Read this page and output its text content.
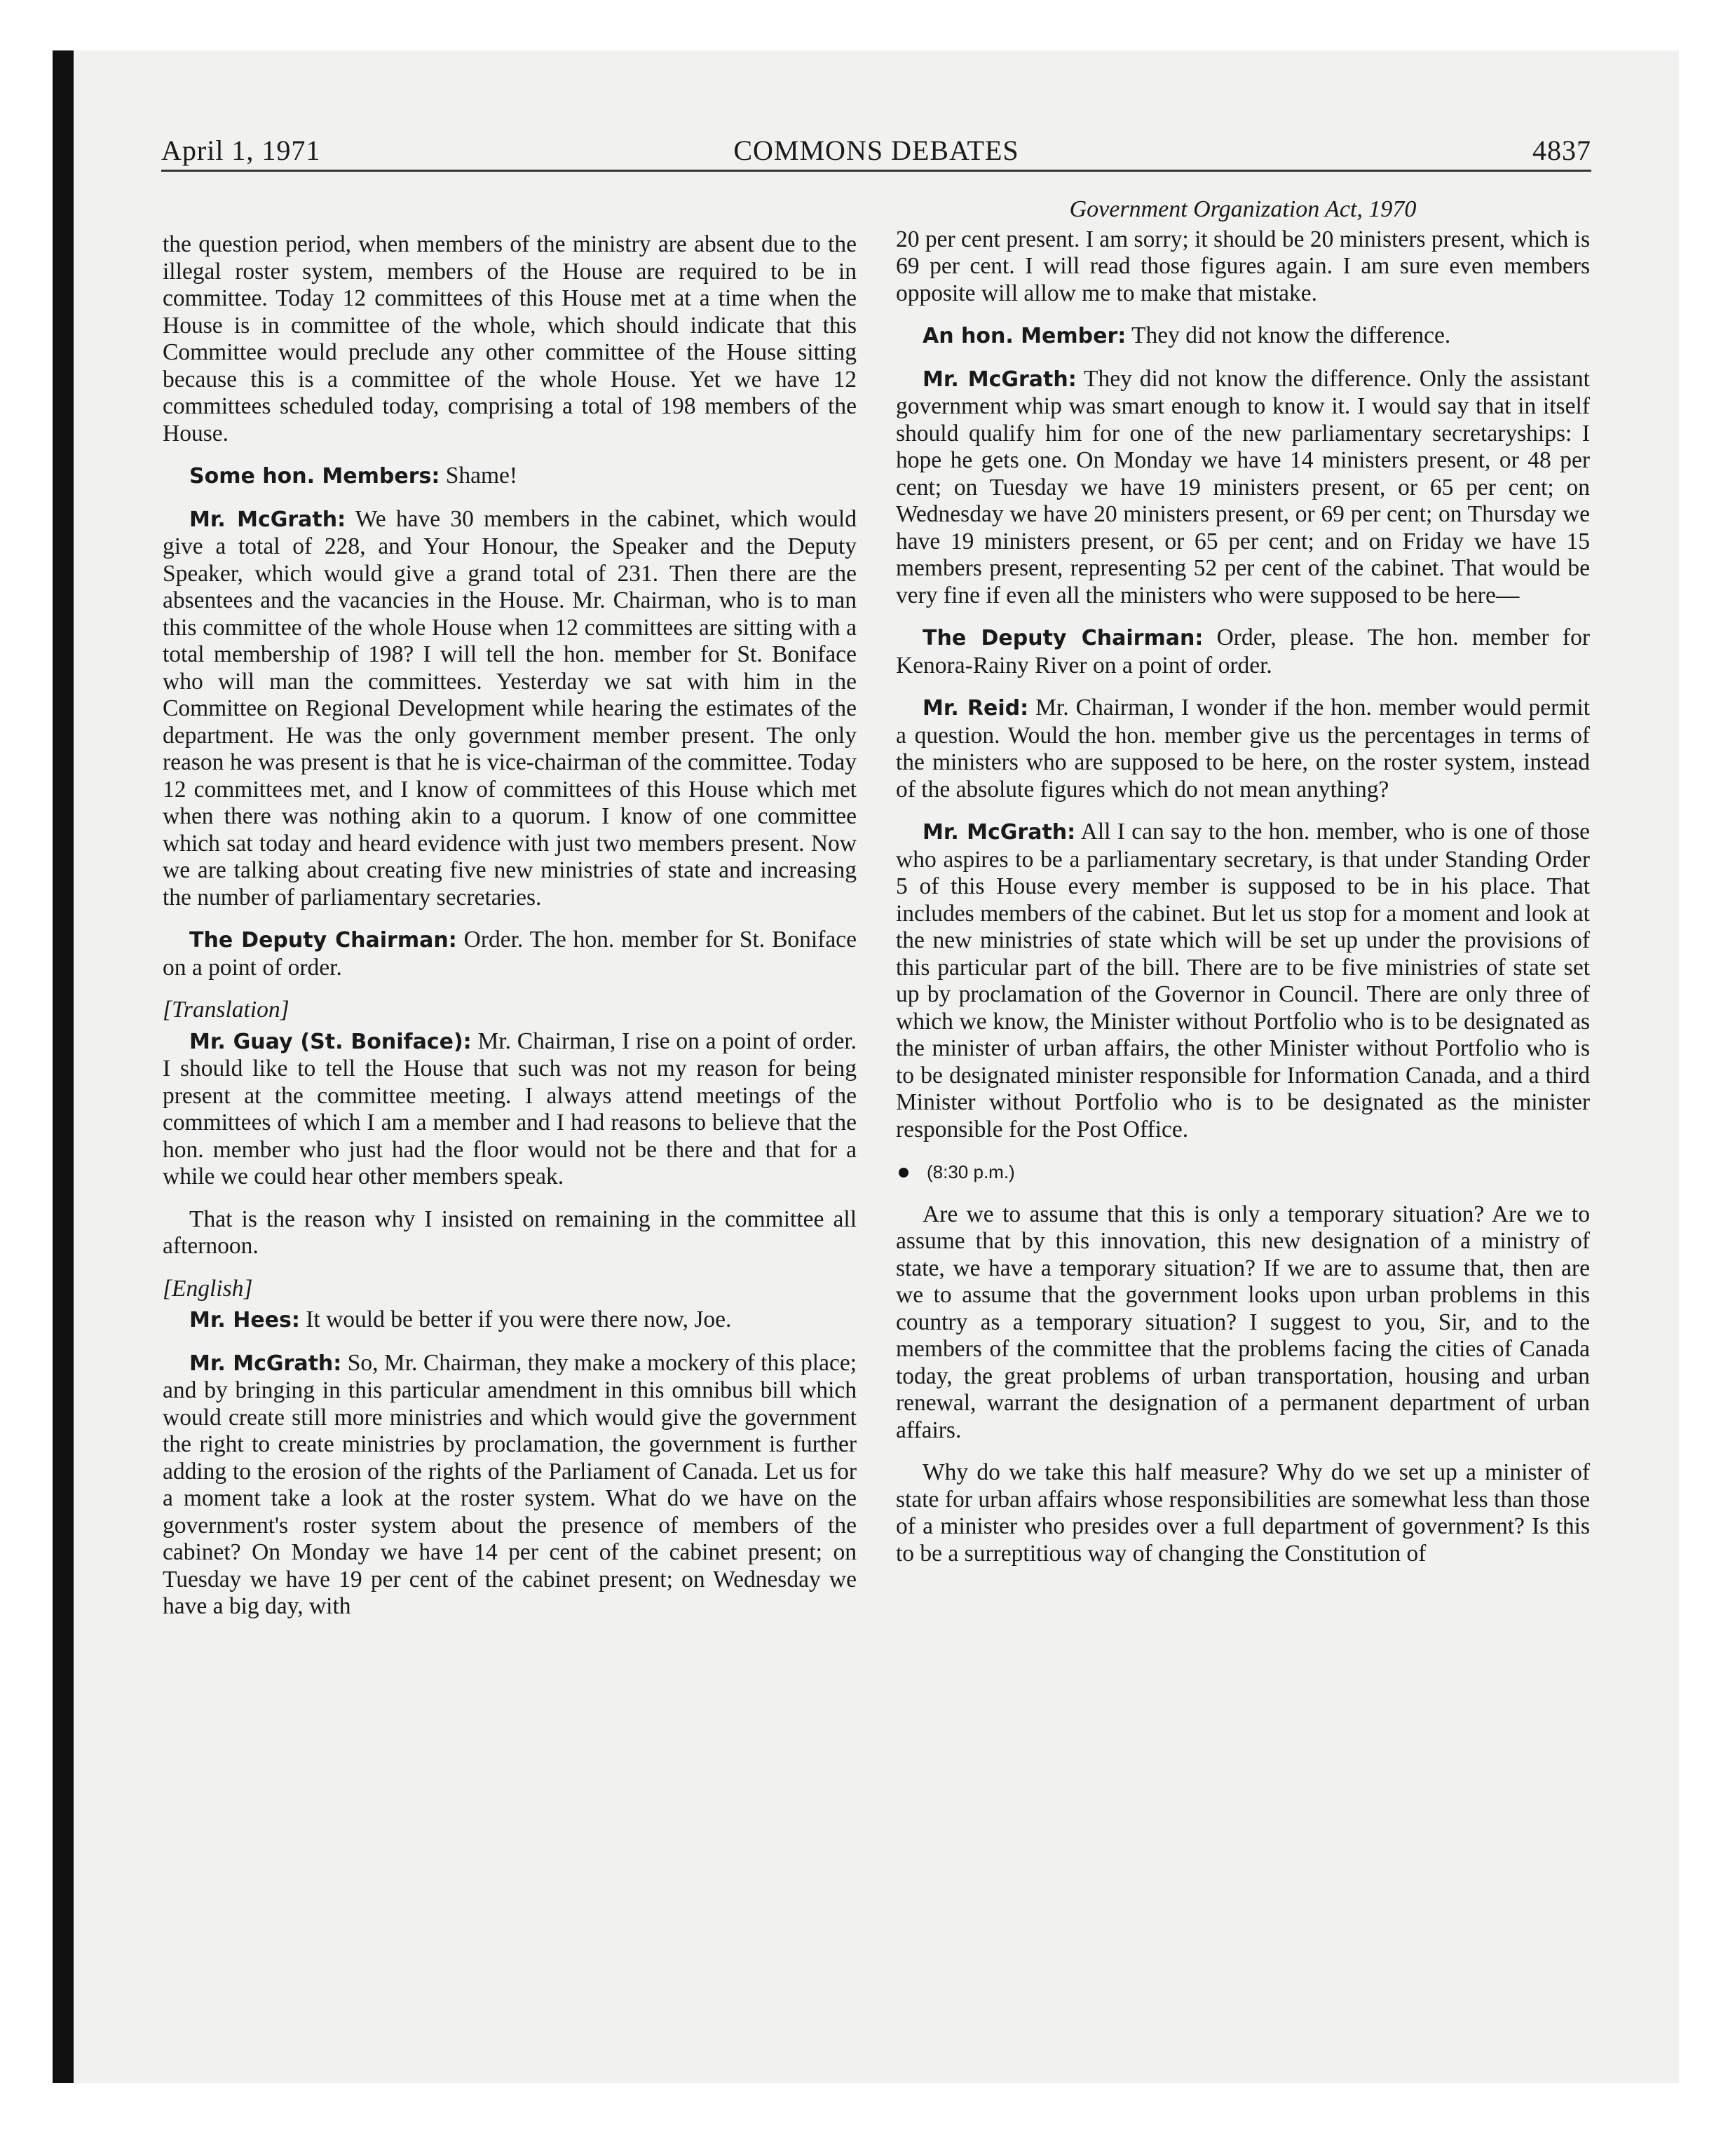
April 1, 1971	COMMONS DEBATES	4837

the question period, when members of the ministry are absent due to the illegal roster system, members of the House are required to be in committee. Today 12 committees of this House met at a time when the House is in committee of the whole, which should indicate that this Committee would preclude any other committee of the House sitting because this is a committee of the whole House. Yet we have 12 committees scheduled today, comprising a total of 198 members of the House.

Some hon. Members: Shame!

Mr. McGrath: We have 30 members in the cabinet, which would give a total of 228, and Your Honour, the Speaker and the Deputy Speaker, which would give a grand total of 231. Then there are the absentees and the vacancies in the House. Mr. Chairman, who is to man this committee of the whole House when 12 committees are sitting with a total membership of 198? I will tell the hon. member for St. Boniface who will man the committees. Yesterday we sat with him in the Committee on Regional Development while hearing the estimates of the department. He was the only government member present. The only reason he was present is that he is vice-chairman of the committee. Today 12 committees met, and I know of committees of this House which met when there was nothing akin to a quorum. I know of one committee which sat today and heard evidence with just two members present. Now we are talking about creating five new ministries of state and increasing the number of parliamentary secretaries.

The Deputy Chairman: Order. The hon. member for St. Boniface on a point of order.

[Translation]

Mr. Guay (St. Boniface): Mr. Chairman, I rise on a point of order. I should like to tell the House that such was not my reason for being present at the committee meeting. I always attend meetings of the committees of which I am a member and I had reasons to believe that the hon. member who just had the floor would not be there and that for a while we could hear other members speak.

That is the reason why I insisted on remaining in the committee all afternoon.

[English]

Mr. Hees: It would be better if you were there now, Joe.

Mr. McGrath: So, Mr. Chairman, they make a mockery of this place; and by bringing in this particular amendment in this omnibus bill which would create still more ministries and which would give the government the right to create ministries by proclamation, the government is further adding to the erosion of the rights of the Parliament of Canada. Let us for a moment take a look at the roster system. What do we have on the government's roster system about the presence of members of the cabinet? On Monday we have 14 per cent of the cabinet present; on Tuesday we have 19 per cent of the cabinet present; on Wednesday we have a big day, with

Government Organization Act, 1970

20 per cent present. I am sorry; it should be 20 ministers present, which is 69 per cent. I will read those figures again. I am sure even members opposite will allow me to make that mistake.

An hon. Member: They did not know the difference.

Mr. McGrath: They did not know the difference. Only the assistant government whip was smart enough to know it. I would say that in itself should qualify him for one of the new parliamentary secretaryships: I hope he gets one. On Monday we have 14 ministers present, or 48 per cent; on Tuesday we have 19 ministers present, or 65 per cent; on Wednesday we have 20 ministers present, or 69 per cent; on Thursday we have 19 ministers present, or 65 per cent; and on Friday we have 15 members present, representing 52 per cent of the cabinet. That would be very fine if even all the ministers who were supposed to be here—

The Deputy Chairman: Order, please. The hon. member for Kenora-Rainy River on a point of order.

Mr. Reid: Mr. Chairman, I wonder if the hon. member would permit a question. Would the hon. member give us the percentages in terms of the ministers who are supposed to be here, on the roster system, instead of the absolute figures which do not mean anything?

Mr. McGrath: All I can say to the hon. member, who is one of those who aspires to be a parliamentary secretary, is that under Standing Order 5 of this House every member is supposed to be in his place. That includes members of the cabinet. But let us stop for a moment and look at the new ministries of state which will be set up under the provisions of this particular part of the bill. There are to be five ministries of state set up by proclamation of the Governor in Council. There are only three of which we know, the Minister without Portfolio who is to be designated as the minister of urban affairs, the other Minister without Portfolio who is to be designated minister responsible for Information Canada, and a third Minister without Portfolio who is to be designated as the minister responsible for the Post Office.

(8:30 p.m.)

Are we to assume that this is only a temporary situation? Are we to assume that by this innovation, this new designation of a ministry of state, we have a temporary situation? If we are to assume that, then are we to assume that the government looks upon urban problems in this country as a temporary situation? I suggest to you, Sir, and to the members of the committee that the problems facing the cities of Canada today, the great problems of urban transportation, housing and urban renewal, warrant the designation of a permanent department of urban affairs.

Why do we take this half measure? Why do we set up a minister of state for urban affairs whose responsibilities are somewhat less than those of a minister who presides over a full department of government? Is this to be a surreptitious way of changing the Constitution of
